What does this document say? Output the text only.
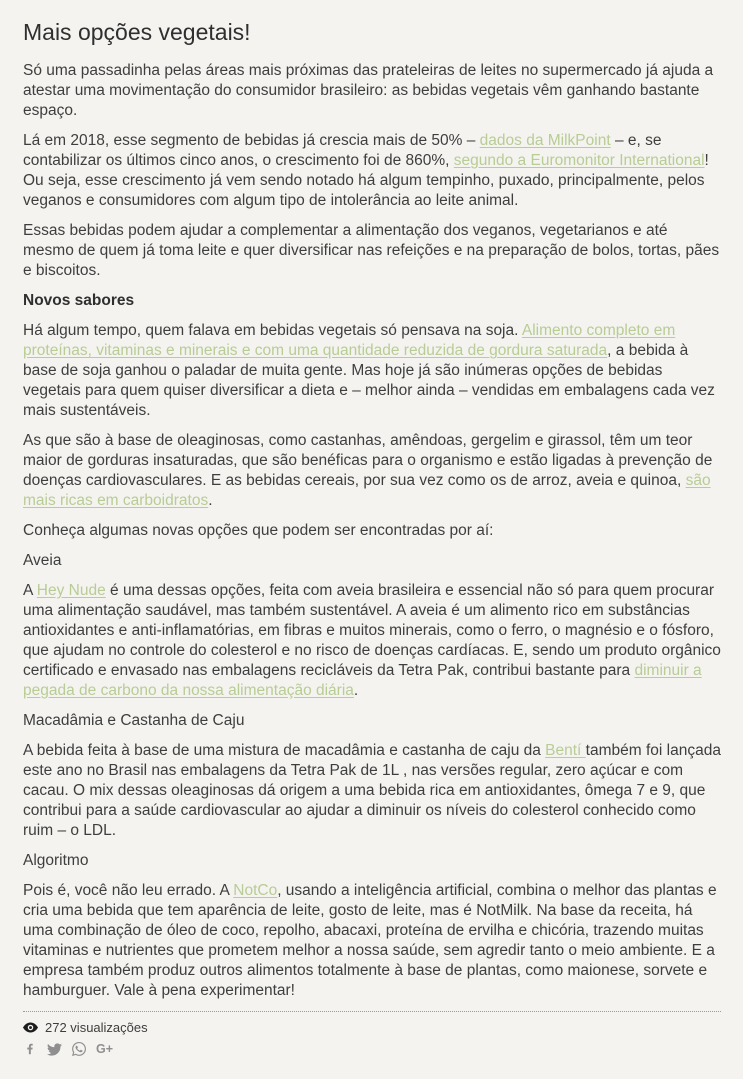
Mais opções vegetais!

Só uma passadinha pelas áreas mais próximas das prateleiras de leites no supermercado já ajuda a atestar uma movimentação do consumidor brasileiro: as bebidas vegetais vêm ganhando bastante espaço.

Lá em 2018, esse segmento de bebidas já crescia mais de 50% – dados da MilkPoint – e, se contabilizar os últimos cinco anos, o crescimento foi de 860%, segundo a Euromonitor International! Ou seja, esse crescimento já vem sendo notado há algum tempinho, puxado, principalmente, pelos veganos e consumidores com algum tipo de intolerância ao leite animal.

Essas bebidas podem ajudar a complementar a alimentação dos veganos, vegetarianos e até mesmo de quem já toma leite e quer diversificar nas refeições e na preparação de bolos, tortas, pães e biscoitos.

Novos sabores

Há algum tempo, quem falava em bebidas vegetais só pensava na soja. Alimento completo em proteínas, vitaminas e minerais e com uma quantidade reduzida de gordura saturada, a bebida à base de soja ganhou o paladar de muita gente. Mas hoje já são inúmeras opções de bebidas vegetais para quem quiser diversificar a dieta e – melhor ainda – vendidas em embalagens cada vez mais sustentáveis.

As que são à base de oleaginosas, como castanhas, amêndoas, gergelim e girassol, têm um teor maior de gorduras insaturadas, que são benéficas para o organismo e estão ligadas à prevenção de doenças cardiovasculares. E as bebidas cereais, por sua vez como os de arroz, aveia e quinoa, são mais ricas em carboidratos.

Conheça algumas novas opções que podem ser encontradas por aí:

Aveia

A Hey Nude é uma dessas opções, feita com aveia brasileira e essencial não só para quem procurar uma alimentação saudável, mas também sustentável. A aveia é um alimento rico em substâncias antioxidantes e anti-inflamatórias, em fibras e muitos minerais, como o ferro, o magnésio e o fósforo, que ajudam no controle do colesterol e no risco de doenças cardíacas. E, sendo um produto orgânico certificado e envasado nas embalagens recicláveis da Tetra Pak, contribui bastante para diminuir a pegada de carbono da nossa alimentação diária.

Macadâmia e Castanha de Caju

A bebida feita à base de uma mistura de macadâmia e castanha de caju da Bentí também foi lançada este ano no Brasil nas embalagens da Tetra Pak de 1L , nas versões regular, zero açúcar e com cacau. O mix dessas oleaginosas dá origem a uma bebida rica em antioxidantes, ômega 7 e 9, que contribui para a saúde cardiovascular ao ajudar a diminuir os níveis do colesterol conhecido como ruim – o LDL.

Algoritmo

Pois é, você não leu errado. A NotCo, usando a inteligência artificial, combina o melhor das plantas e cria uma bebida que tem aparência de leite, gosto de leite, mas é NotMilk. Na base da receita, há uma combinação de óleo de coco, repolho, abacaxi, proteína de ervilha e chicória, trazendo muitas vitaminas e nutrientes que prometem melhor a nossa saúde, sem agredir tanto o meio ambiente. E a empresa também produz outros alimentos totalmente à base de plantas, como maionese, sorvete e hamburguer. Vale à pena experimentar!

272 visualizações
G+
